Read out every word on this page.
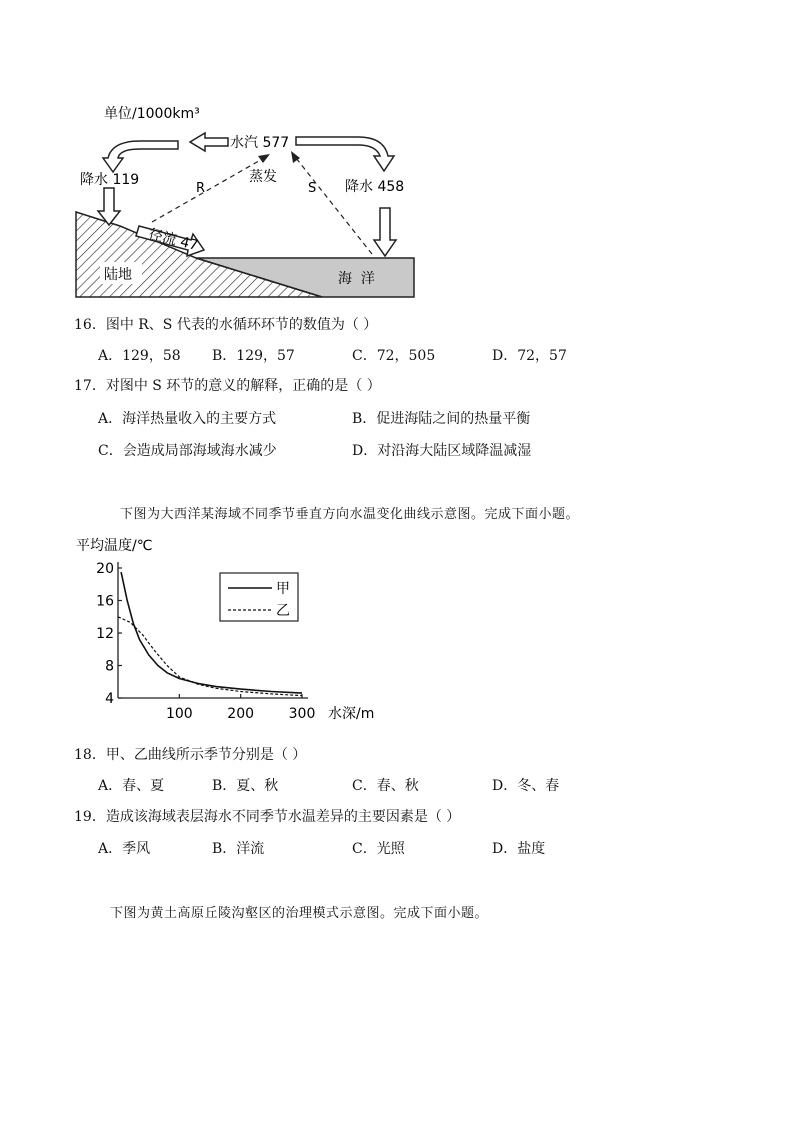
单位/1000km³
水汽 577
降水 119	降水 458
蒸发
R	S
径流 47
陆地	海  洋
16．图中 R、S 代表的水循环环节的数值为（ ）
A．129，58 B．129，57	C．72，505	D．72，57
17．对图中 S 环节的意义的解释，正确的是（ ）
A．海洋热量收入的主要方式	B．促进海陆之间的热量平衡
C．会造成局部海域海水减少	D．对沿海大陆区域降温减湿
下图为大西洋某海域不同季节垂直方向水温变化曲线示意图。完成下面小题。
平均温度/℃
水深/m
4
8
12
16
20
100 200 300
甲
乙
18．甲、乙曲线所示季节分别是（ ）
A．春、夏	B．夏、秋	C．春、秋	D．冬、春
19．造成该海域表层海水不同季节水温差异的主要因素是（ ）
A．季风	B．洋流	C．光照	D．盐度
下图为黄土高原丘陵沟壑区的治理模式示意图。完成下面小题。
